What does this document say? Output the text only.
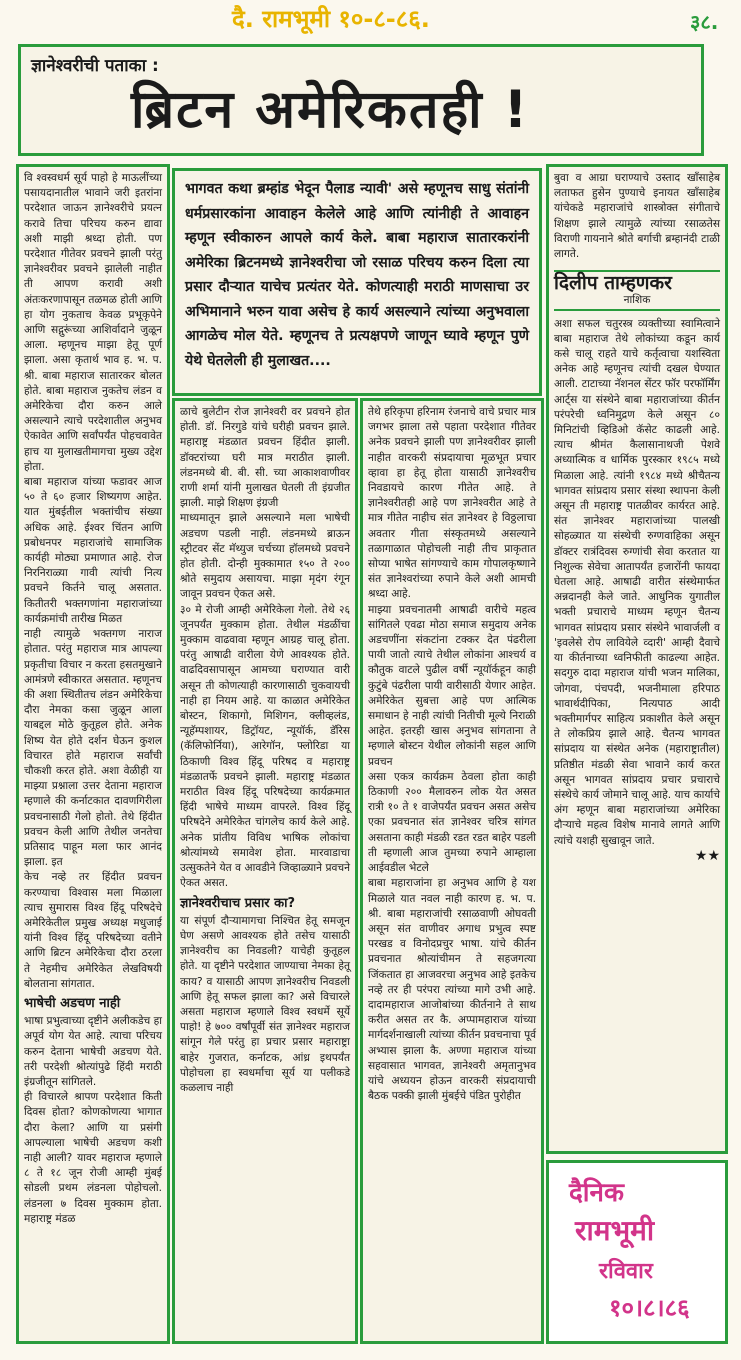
दै. रामभूमी १०-८-८६.	३८.
ज्ञानेश्वरीची पताका :
ब्रिटन अमेरिकतही !
भागवत कथा ब्रम्हांड भेदून पैलाड न्यावी' असे म्हणूनच साधु संतांनी धर्मप्रसारकांना आवाहन केलेले आहे आणि त्यांनीही ते आवाहन म्हणून स्वीकारुन आपले कार्य केले. बाबा महाराज सातारकरांनी अमेरिका ब्रिटनमध्ये ज्ञानेश्वरीचा जो रसाळ परिचय करुन दिला त्या प्रसार दौऱ्यात याचेच प्रत्यंतर येते. कोणत्याही मराठी माणसाचा उर अभिमानाने भरुन यावा असेच हे कार्य असल्याने त्यांच्या अनुभवाला आगळेच मोल येते. म्हणूनच ते प्रत्यक्षपणे जाणून घ्यावे म्हणून पुणे येथे घेतलेली ही मुलाखत....

वि श्वस्वधर्म सूर्य पाहो हे माऊलींच्या पसायदानातील भावाने जरी इतरांना परदेशात जाऊन ज्ञानेश्वरीचे प्रयत्न करावे तिचा परिचय करुन द्यावा अशी माझी श्रध्दा होती. पण परदेशात गीतेवर प्रवचने झाली परंतु ज्ञानेश्वरीवर प्रवचने झालेली नाहीत ती आपण करावी अशी अंतःकरणापासून तळमळ होती आणि हा योग नुकताच केवळ प्रभूकृपेने आणि सद्गुरूंच्या आशिर्वादाने जुळून आला. म्हणूनच माझा हेतू पूर्ण झाला. असा कृतार्थ भाव ह. भ. प. श्री. बाबा महाराज सातारकर बोलत होते. बाबा महाराज नुकतेच लंडन व अमेरिकेचा दौरा करुन आले असल्याने त्याचे परदेशातील अनुभव ऐकावेत आणि सर्वांपर्यंत पोहचवावेत हाच या मुलाखतीमागचा मुख्य उद्देश होता.

बाबा महाराज यांच्या फडावर आज ५० ते ६० हजार शिष्यगण आहेत. यात मुंबईतील भक्तांचीच संख्या अधिक आहे. ईश्वर चिंतन आणि प्रबोधनपर महाराजांचे सामाजिक कार्यही मोठ्या प्रमाणात आहे. रोज निरनिराळ्या गावी त्यांची नित्य प्रवचने किर्तने चालू असतात. कितीतरी भक्तगणांना महाराजांच्या कार्यक्रमांची तारीख मिळत

नाही त्यामुळे भक्तगण नाराज होतात. परंतु महाराज मात्र आपल्या प्रकृतीचा विचार न करता हसतमुखाने आमंत्रणे स्वीकारत असतात. म्हणूनच की अशा स्थितीतच लंडन अमेरिकेचा दौरा नेमका कसा जुळून आला याबद्दल मोठे कुतूहल होते. अनेक शिष्य येत होते दर्शन घेऊन कुशल विचारत होते महाराज सर्वांची चौकशी करत होते. अशा वेळीही या माझ्या प्रश्नाला उत्तर देताना महाराज म्हणाले की कर्नाटकात दावणगिरीला प्रवचनासाठी गेलो होतो. तेथे हिंदीत प्रवचन केली आणि तेथील जनतेचा प्रतिसाद पाहून मला फार आनंद झाला. इत

केच नव्हे तर हिंदीत प्रवचन करण्याचा विश्वास मला मिळाला त्याच सुमारास विश्व हिंदू परिषदेचे अमेरिकेतील प्रमुख अध्यक्ष मधुजाई यांनी विश्व हिंदू परिषदेच्या वतीने आणि ब्रिटन अमेरिकेचा दौरा ठरला ते नेहमीच अमेरिकेत लेखविषयी बोलताना सांगतात.

भाषेची अडचण नाही

भाषा प्रभुत्वाच्या दृष्टीने अलीकडेच हा अपूर्व योग येत आहे. त्याचा परिचय करुन देताना भाषेची अडचण येते. तरी परदेशी श्रोत्यांपुढे हिंदी मराठी इंग्रजीतून सांगितले.

ही विचारले श्रापण परदेशात किती दिवस होता? कोणकोणत्या भागात दौरा केला? आणि या प्रसंगी आपल्याला भाषेची अडचण कशी नाही आली? यावर महाराज म्हणाले ८ ते १८ जून रोजी आम्ही मुंबई सोडली प्रथम लंडनला पोहोचलो. लंडनला ७ दिवस मुक्काम होता. महाराष्ट्र मंडळ

ळाचे बुलेटीन रोज ज्ञानेश्वरी वर प्रवचने होत होती. डॉ. निरगुडे यांचे घरीही प्रवचन झाले. महाराष्ट्र मंडळात प्रवचन हिंदीत झाली. डॉक्टरांच्या घरी मात्र मराठीत झाली. लंडनमध्ये बी. बी. सी. च्या आकाशवाणीवर राणी शर्मा यांनी मुलाखत घेतली ती इंग्रजीत झाली. माझे शिक्षण इंग्रजी

माध्यमातून झाले असल्याने मला भाषेची अडचण पडली नाही. लंडनमध्ये ब्राऊन स्ट्रीटवर सेंट मॅथ्युज चर्चच्या हॉलमध्ये प्रवचने होत होती. दोन्ही मुक्कामात १५० ते २०० श्रोते समुदाय असायचा. माझा मृदंग रंगून जावून प्रवचन ऐकत असे.

३० मे रोजी आम्ही अमेरिकेला गेलो. तेथे २६ जूनपर्यंत मुक्काम होता. तेथील मंडळींचा मुक्काम वाढवावा म्हणून आग्रह चालू होता. परंतु आषाढी वारीला येणे आवश्यक होते. वाढदिवसापासून आमच्या घराण्यात वारी असून ती कोणत्याही कारणासाठी चुकवायची नाही हा नियम आहे. या काळात अमेरिकेत बोस्टन, शिकागो, मिशिगन, क्लीव्हलंड, न्यूहॅम्पशायर, डिट्रॉयट, न्यूयॉर्क, डॅरिस (कॅलिफोर्निया), आरेगॉन, फ्लोरिडा या ठिकाणी विश्व हिंदू परिषद व महाराष्ट्र मंडळातर्फे प्रवचने झाली. महाराष्ट्र मंडळात मराठीत विश्व हिंदू परिषदेच्या कार्यक्रमात हिंदी भाषेचे माध्यम वापरले. विश्व हिंदू परिषदेने अमेरिकेत चांगलेच कार्य केले आहे. अनेक प्रांतीय विविध भाषिक लोकांचा श्रोत्यांमध्ये समावेश होता. मारवाडाचा उत्सुकतेने येत व आवडीने जिव्हाळ्याने प्रवचने ऐकत असत.

ज्ञानेश्वरीचाच प्रसार का?

या संपूर्ण दौऱ्यामागचा निश्चित हेतू समजून घेण असणे आवश्यक होते तसेच यासाठी ज्ञानेश्वरीच का निवडली? याचेही कुतूहल होते. या दृष्टीने परदेशात जाण्याचा नेमका हेतू काय? व यासाठी आपण ज्ञानेश्वरीच निवडली आणि हेतू सफल झाला का? असे विचारले असता महाराज म्हणाले विश्व स्वधर्मे सूर्ये पाहो! हे ७०० वर्षांपूर्वी संत ज्ञानेश्वर महाराज सांगून गेले परंतु हा प्रचार प्रसार महाराष्ट्रा बाहेर गुजरात, कर्नाटक, आंध्र इथपर्यंत पोहोचला हा स्वधर्माचा सूर्य या पलीकडे कळलाच नाही

तेथे हरिकृपा हरिनाम रंजनाचे वाचे प्रचार मात्र जगभर झाला तसे पहाता परदेशात गीतेवर अनेक प्रवचने झाली पण ज्ञानेश्वरीवर झाली नाहीत वारकरी संप्रदायाचा मूळभूत प्रचार व्हावा हा हेतू होता यासाठी ज्ञानेश्वरीच निवडायचे कारण गीतेत आहे. ते ज्ञानेश्वरीतही आहे पण ज्ञानेश्वरीत आहे ते मात्र गीतेत नाहीच संत ज्ञानेश्वर हे विठ्ठलाचा अवतार गीता संस्कृतमध्ये असल्याने तळागाळात पोहोचली नाही तीच प्राकृतात सोप्या भाषेत सांगण्याचे काम गोपालकृष्णाने संत ज्ञानेश्वरांच्या रुपाने केले अशी आमची श्रध्दा आहे.

माझ्या प्रवचनातमी आषाढी वारीचे महत्व सांगितले एवढा मोठा समाज समुदाय अनेक अडचणींना संकटांना टक्कर देत पंढरीला पायी जातो त्याचे तेथील लोकांना आश्चर्य व कौतुक वाटले पुढील वर्षी न्यूयॉर्कहून काही कुटुंबे पंढरीला पायी वारीसाठी येणार आहेत. अमेरिकेत सुबत्ता आहे पण आत्मिक समाधान हे नाही त्यांची नितीची मूल्ये निराळी आहेत. इतरही खास अनुभव सांगताना ते म्हणाले बोस्टन येथील लोकांनी सहल आणि प्रवचन

असा एकत्र कार्यक्रम ठेवला होता काही ठिकाणी २०० मैलावरुन लोक येत असत रात्री १० ते १ वाजेपर्यंत प्रवचन असत असेच एका प्रवचनात संत ज्ञानेश्वर चरित्र सांगत असताना काही मंडळी रडत रडत बाहेर पडली ती म्हणाली आज तुमच्या रुपाने आम्हाला आईवडील भेटले

बाबा महाराजांना हा अनुभव आणि हे यश मिळाले यात नवल नाही कारण ह. भ. प. श्री. बाबा महाराजांची रसाळवाणी ओघवती असून संत वाणीवर अगाध प्रभुत्व स्पष्ट परखड व विनोदप्रचुर भाषा. यांचे कीर्तन प्रवचनात श्रोत्यांचीमन ते सहजगत्या जिंकतात हा आजवरचा अनुभव आहे इतकेच नव्हे तर ही परंपरा त्यांच्या मागे उभी आहे. दादामहाराज आजोबांच्या कीर्तनाने ते साथ करीत असत तर कै. अप्पामहाराज यांच्या मार्गदर्शनाखाली त्यांच्या कीर्तन प्रवचनाचा पूर्व अभ्यास झाला कै. अण्णा महाराज यांच्या सहवासात भागवत, ज्ञानेश्वरी अमृतानुभव यांचे अध्ययन होऊन वारकरी संप्रदायाची बैठक पक्की झाली मुंबईचे पंडित पुरोहीत

बुवा व आग्रा घराण्याचे उस्ताद खाँसाहेब लताफत हुसेन पुण्याचे इनायत खाँसाहेब यांचेकडे महाराजांचे शास्त्रोक्त संगीताचे शिक्षण झाले त्यामुळे त्यांच्या रसाळतेस विराणी गायनाने श्रोते बर्गाची ब्रम्हानंदी टाळी लागते.

दिलीप ताम्हणकर
नाशिक

अशा सफल चतुरस्त्र व्यक्तीच्या स्वामित्वाने बाबा महाराज तेथे लोकांच्या कडून कार्य कसे चालू राहते याचे कर्तृत्वाचा यशस्विता अनेक आहे म्हणूनच त्यांची दखल घेण्यात आली. टाटाच्या नॅशनल सेंटर फॉर परफॉर्मिंग आर्ट्स या संस्थेने बाबा महाराजांच्या कीर्तन परंपरेची ध्वनिमुद्रण केले असून ८० मिनिटांची व्हिडिओ कॅसेट काढली आहे. त्याच श्रीमंत कैलासानाथजी पेशवे अध्यात्मिक व धार्मिक पुरस्कार १९८५ मध्ये मिळाला आहे. त्यांनी १९८४ मध्ये श्रीचैतन्य भागवत सांप्रदाय प्रसार संस्था स्थापना केली असून ती महाराष्ट्र पातळीवर कार्यरत आहे. संत ज्ञानेश्वर महाराजांच्या पालखी सोहळ्यात या संस्थेची रुग्णवाहिका असून डॉक्टर रात्रंदिवस रुग्णांची सेवा करतात या निशुल्क सेवेचा आतापर्यंत हजारोंनी फायदा घेतला आहे. आषाढी वारीत संस्थेमार्फत अन्नदानही केले जाते. आधुनिक युगातील भक्ती प्रचाराचे माध्यम म्हणून चैतन्य भागवत सांप्रदाय प्रसार संस्थेने भावार्जली व 'इवलेसे रोप लावियेले व्दारी' आम्ही दैवाचे या कीर्तनाच्या ध्वनिफीती काढल्या आहेत. सदगुरु दादा महाराज यांची भजन मालिका, जोगवा, पंचपदी, भजनीमाला हरिपाठ भावार्थदीपिका, नित्यपाठ आदी भक्तीमार्गपर साहित्य प्रकाशीत केले असून ते लोकप्रिय झाले आहे. चैतन्य भागवत सांप्रदाय या संस्थेत अनेक (महाराष्ट्रातील) प्रतिष्ठीत मंडळी सेवा भावाने कार्य करत असून भागवत सांप्रदाय प्रचार प्रचाराचे संस्थेचे कार्य जोमाने चालू आहे. याच कार्याचे अंग म्हणून बाबा महाराजांच्या अमेरिका दौऱ्याचे महत्व विशेष मानावे लागते आणि त्यांचे यशही सुखावून जाते.

★★
दैनिक
रामभूमी
रविवार
१०।८।८६
